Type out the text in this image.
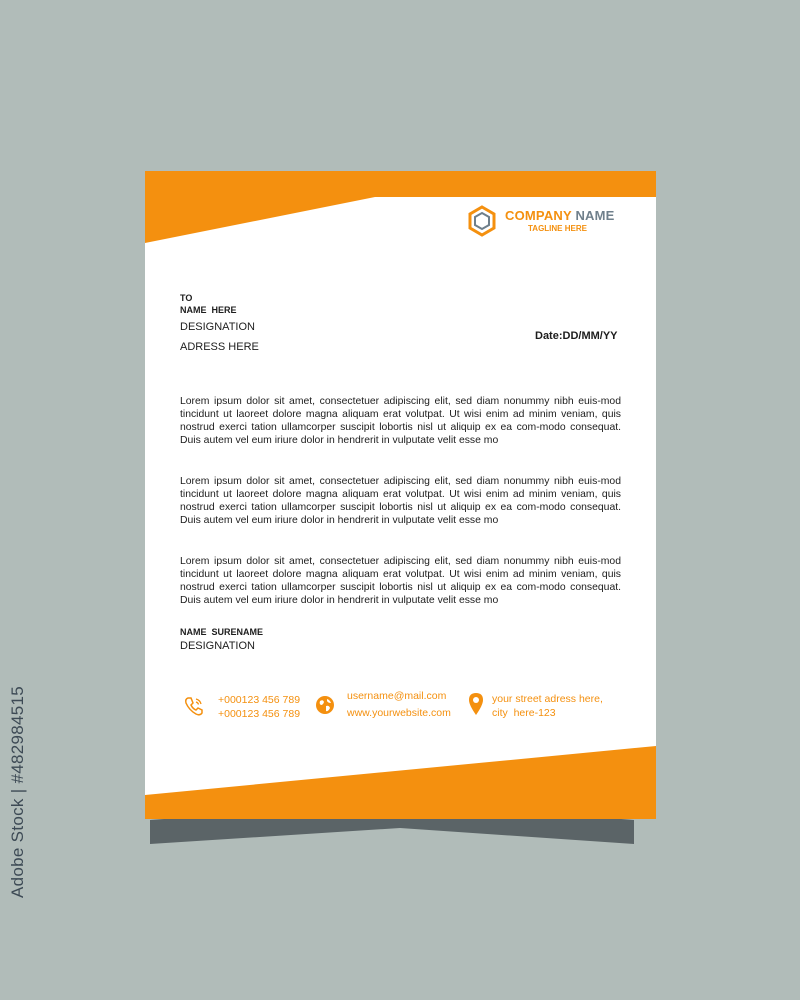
COMPANY NAME
TAGLINE HERE
TO
NAME  HERE
DESIGNATION
ADRESS HERE
Date:DD/MM/YY
Lorem ipsum dolor sit amet, consectetuer adipiscing elit, sed diam nonummy nibh euis-mod tincidunt ut laoreet dolore magna aliquam erat volutpat. Ut wisi enim ad minim veniam, quis nostrud exerci tation ullamcorper suscipit lobortis nisl ut aliquip ex ea com-modo consequat. Duis autem vel eum iriure dolor in hendrerit in vulputate velit esse mo
Lorem ipsum dolor sit amet, consectetuer adipiscing elit, sed diam nonummy nibh euis-mod tincidunt ut laoreet dolore magna aliquam erat volutpat. Ut wisi enim ad minim veniam, quis nostrud exerci tation ullamcorper suscipit lobortis nisl ut aliquip ex ea com-modo consequat. Duis autem vel eum iriure dolor in hendrerit in vulputate velit esse mo
Lorem ipsum dolor sit amet, consectetuer adipiscing elit, sed diam nonummy nibh euis-mod tincidunt ut laoreet dolore magna aliquam erat volutpat. Ut wisi enim ad minim veniam, quis nostrud exerci tation ullamcorper suscipit lobortis nisl ut aliquip ex ea com-modo consequat. Duis autem vel eum iriure dolor in hendrerit in vulputate velit esse mo
NAME  SURENAME
DESIGNATION
+000123 456 789
+000123 456 789
username@mail.com
www.yourwebsite.com
your street adress here,
city  here-123
Adobe Stock | #482984515
